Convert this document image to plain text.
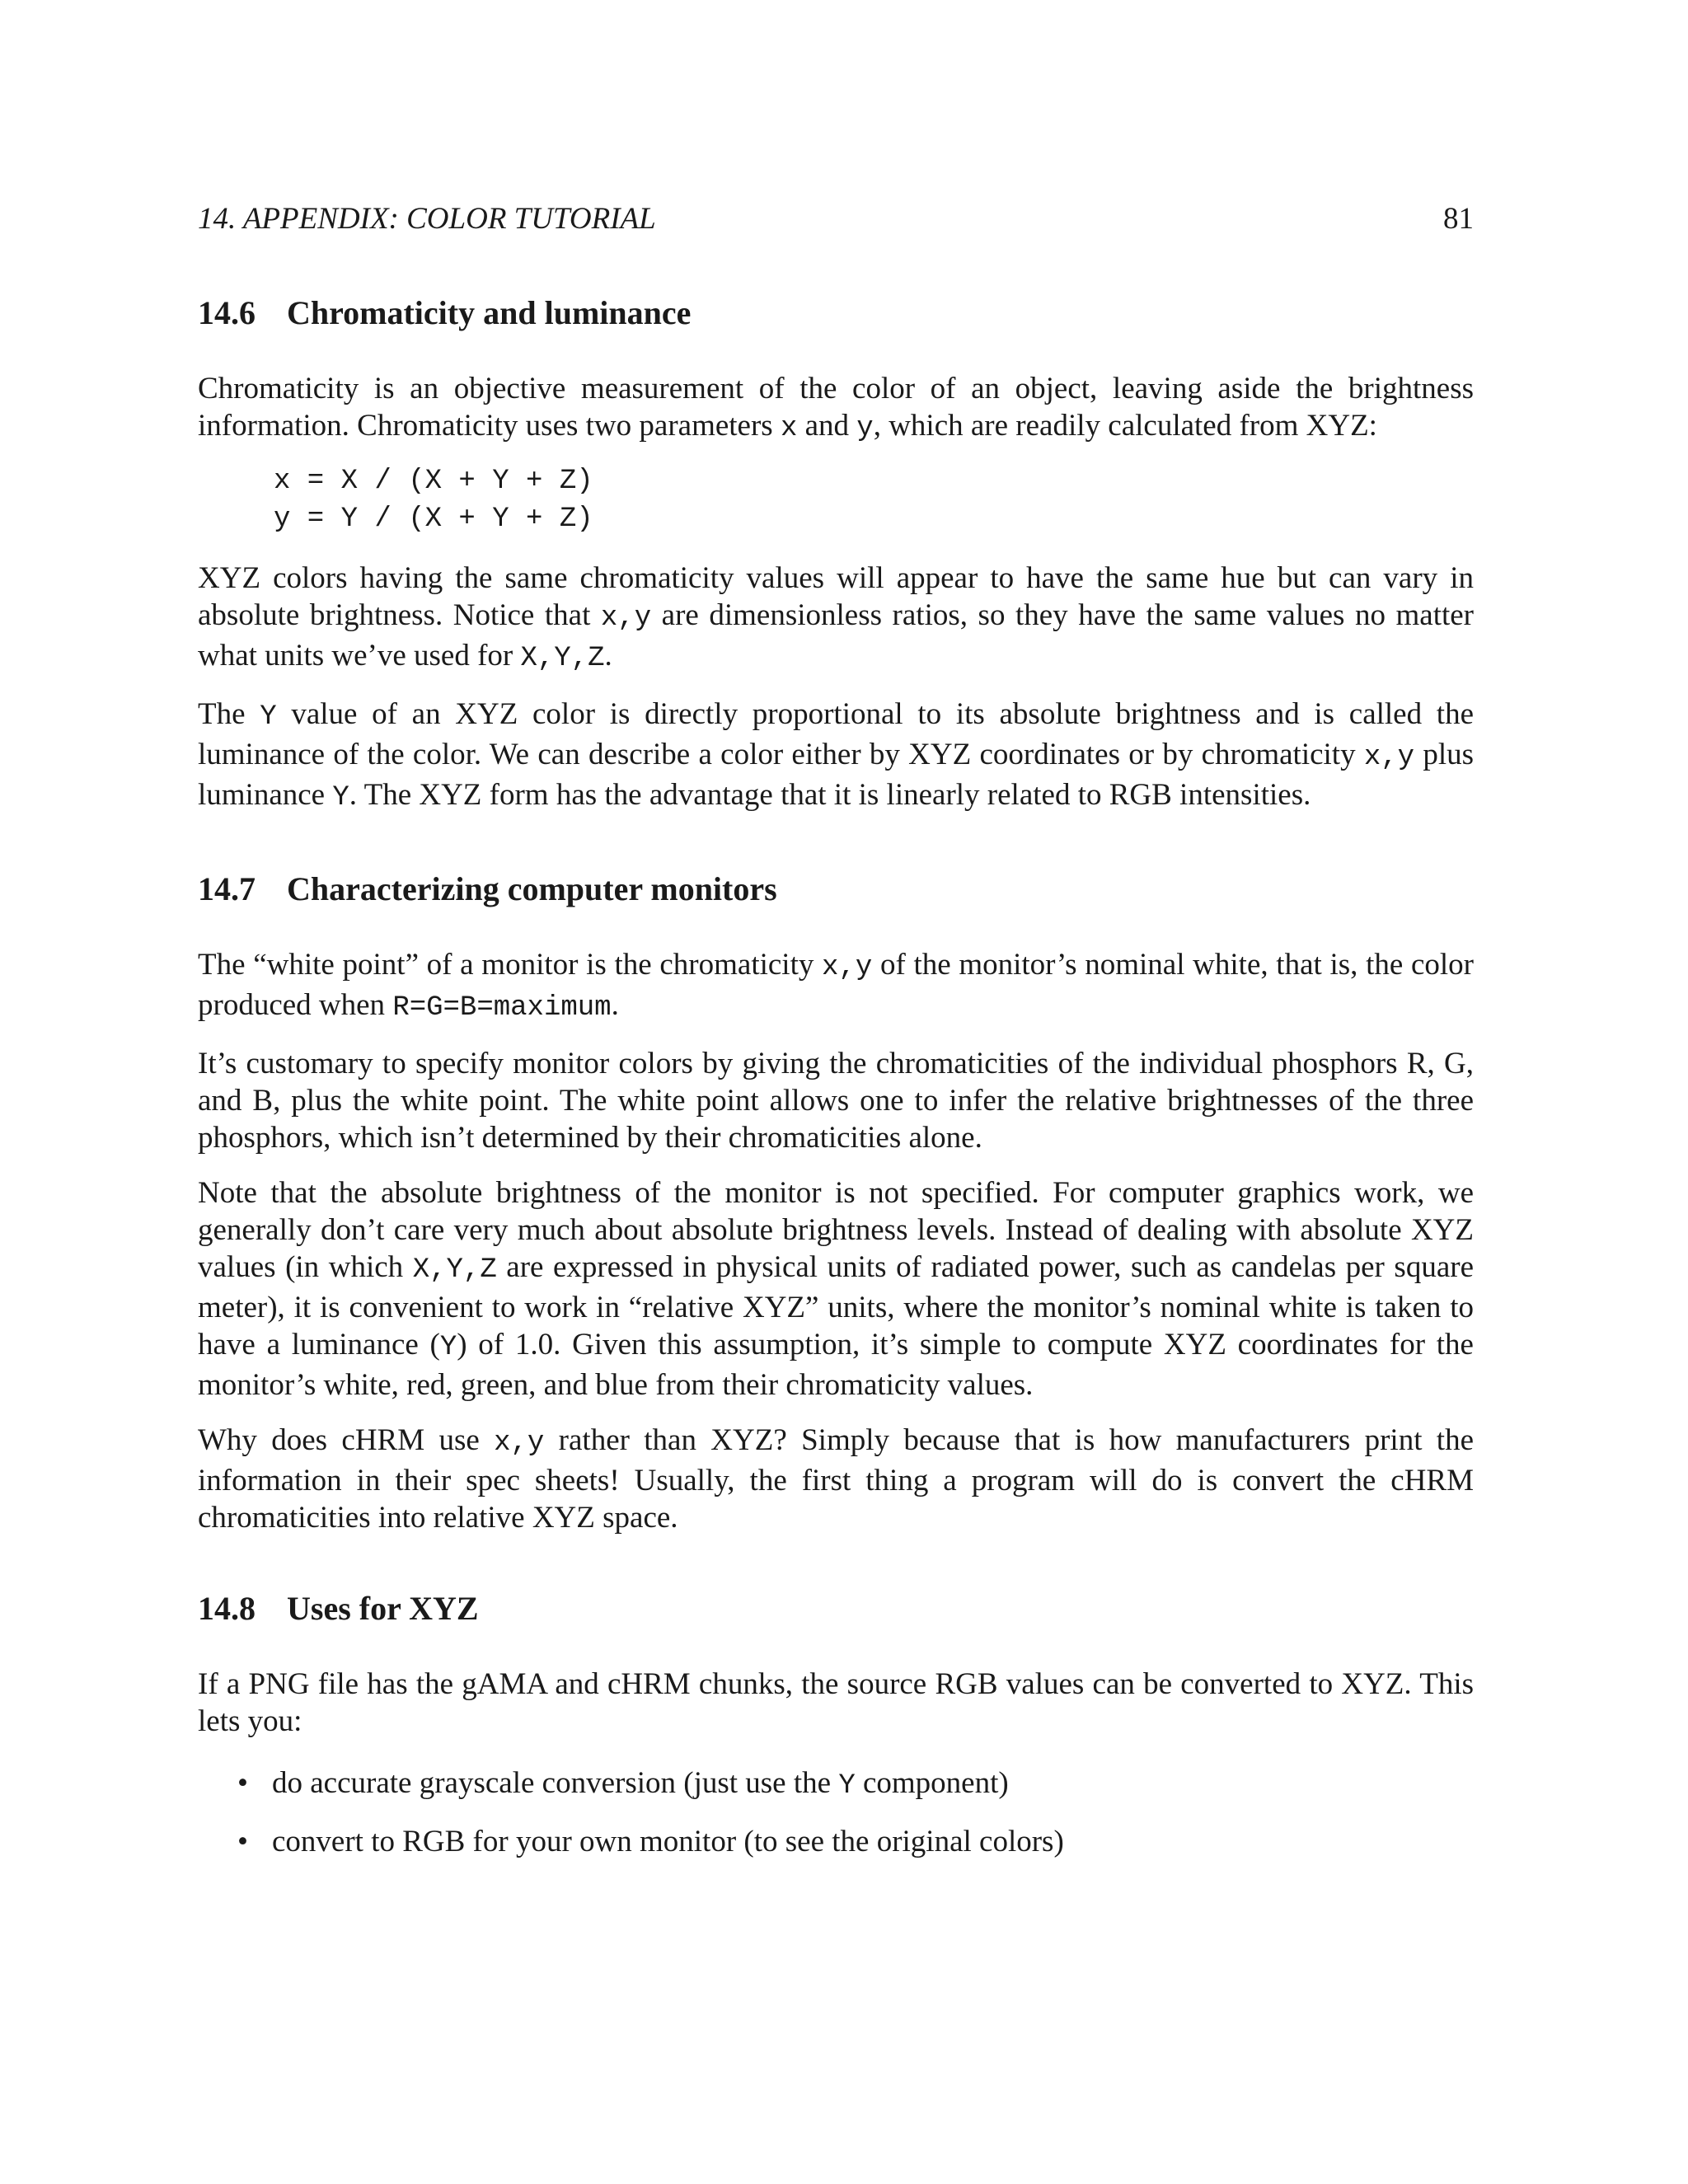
14. APPENDIX: COLOR TUTORIAL	81
14.6 Chromaticity and luminance

Chromaticity is an objective measurement of the color of an object, leaving aside the brightness information. Chromaticity uses two parameters x and y, which are readily calculated from XYZ:

x = X / (X + Y + Z)
y = Y / (X + Y + Z)

XYZ colors having the same chromaticity values will appear to have the same hue but can vary in absolute brightness. Notice that x,y are dimensionless ratios, so they have the same values no matter what units we’ve used for X,Y,Z.

The Y value of an XYZ color is directly proportional to its absolute brightness and is called the luminance of the color. We can describe a color either by XYZ coordinates or by chromaticity x,y plus luminance Y. The XYZ form has the advantage that it is linearly related to RGB intensities.

14.7 Characterizing computer monitors

The “white point” of a monitor is the chromaticity x,y of the monitor’s nominal white, that is, the color produced when R=G=B=maximum.

It’s customary to specify monitor colors by giving the chromaticities of the individual phosphors R, G, and B, plus the white point. The white point allows one to infer the relative brightnesses of the three phosphors, which isn’t determined by their chromaticities alone.

Note that the absolute brightness of the monitor is not specified. For computer graphics work, we generally don’t care very much about absolute brightness levels. Instead of dealing with absolute XYZ values (in which X,Y,Z are expressed in physical units of radiated power, such as candelas per square meter), it is convenient to work in “relative XYZ” units, where the monitor’s nominal white is taken to have a luminance (Y) of 1.0. Given this assumption, it’s simple to compute XYZ coordinates for the monitor’s white, red, green, and blue from their chromaticity values.

Why does cHRM use x,y rather than XYZ? Simply because that is how manufacturers print the information in their spec sheets! Usually, the first thing a program will do is convert the cHRM chromaticities into relative XYZ space.

14.8 Uses for XYZ

If a PNG file has the gAMA and cHRM chunks, the source RGB values can be converted to XYZ. This lets you:

• do accurate grayscale conversion (just use the Y component)
• convert to RGB for your own monitor (to see the original colors)
